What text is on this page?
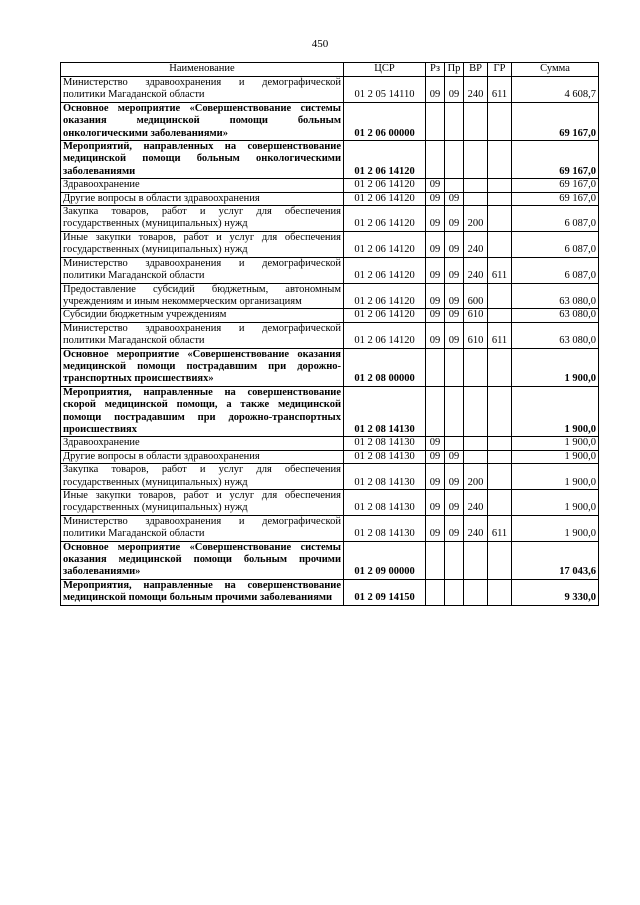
450
Наименование	ЦСР	Рз	Пр	ВР	ГР	Сумма
Министерство здравоохранения и демографической политики Магаданской области	01 2 05 14110	09	09	240	611	4 608,7
Основное мероприятие «Совершенствование системы оказания медицинской помощи больным онкологическими заболеваниями»	01 2 06 00000					69 167,0
Мероприятий, направленных на совершенствование медицинской помощи больным онкологическими заболеваниями	01 2 06 14120					69 167,0
Здравоохранение	01 2 06 14120	09				69 167,0
Другие вопросы в области здравоохранения	01 2 06 14120	09	09			69 167,0
Закупка товаров, работ и услуг для обеспечения государственных (муниципальных) нужд	01 2 06 14120	09	09	200		6 087,0
Иные закупки товаров, работ и услуг для обеспечения государственных (муниципальных) нужд	01 2 06 14120	09	09	240		6 087,0
Министерство здравоохранения и демографической политики Магаданской области	01 2 06 14120	09	09	240	611	6 087,0
Предоставление субсидий бюджетным, автономным учреждениям и иным некоммерческим организациям	01 2 06 14120	09	09	600		63 080,0
Субсидии бюджетным учреждениям	01 2 06 14120	09	09	610		63 080,0
Министерство здравоохранения и демографической политики Магаданской области	01 2 06 14120	09	09	610	611	63 080,0
Основное мероприятие «Совершенствование оказания медицинской помощи пострадавшим при дорожно-транспортных происшествиях»	01 2 08 00000					1 900,0
Мероприятия, направленные на совершенствование скорой медицинской помощи, а также медицинской помощи пострадавшим при дорожно-транспортных происшествиях	01 2 08 14130					1 900,0
Здравоохранение	01 2 08 14130	09				1 900,0
Другие вопросы в области здравоохранения	01 2 08 14130	09	09			1 900,0
Закупка товаров, работ и услуг для обеспечения государственных (муниципальных) нужд	01 2 08 14130	09	09	200		1 900,0
Иные закупки товаров, работ и услуг для обеспечения государственных (муниципальных) нужд	01 2 08 14130	09	09	240		1 900,0
Министерство здравоохранения и демографической политики Магаданской области	01 2 08 14130	09	09	240	611	1 900,0
Основное мероприятие «Совершенствование системы оказания медицинской помощи больным прочими заболеваниями»	01 2 09 00000					17 043,6
Мероприятия, направленные на совершенствование медицинской помощи больным прочими заболеваниями	01 2 09 14150					9 330,0
